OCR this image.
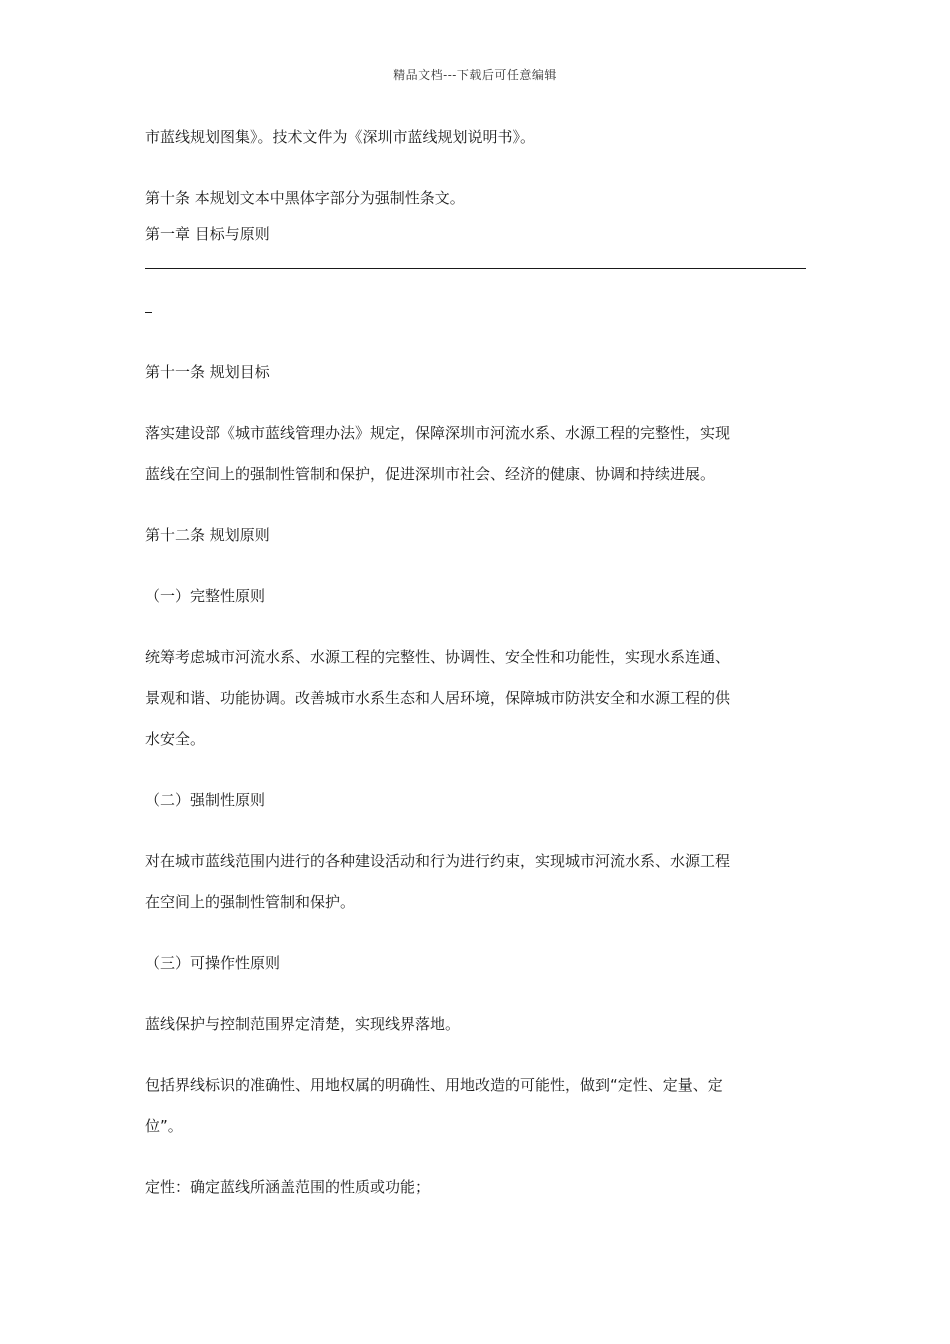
精品文档---下载后可任意编辑
市蓝线规划图集》。技术文件为《深圳市蓝线规划说明书》。
第十条 本规划文本中黑体字部分为强制性条文。
第一章 目标与原则
第十一条 规划目标
落实建设部《城市蓝线管理办法》规定，保障深圳市河流水系、水源工程的完整性，实现
蓝线在空间上的强制性管制和保护，促进深圳市社会、经济的健康、协调和持续进展。
第十二条 规划原则
（一）完整性原则
统筹考虑城市河流水系、水源工程的完整性、协调性、安全性和功能性，实现水系连通、
景观和谐、功能协调。改善城市水系生态和人居环境，保障城市防洪安全和水源工程的供
水安全。
（二）强制性原则
对在城市蓝线范围内进行的各种建设活动和行为进行约束，实现城市河流水系、水源工程
在空间上的强制性管制和保护。
（三）可操作性原则
蓝线保护与控制范围界定清楚，实现线界落地。
包括界线标识的准确性、用地权属的明确性、用地改造的可能性，做到“定性、定量、定
位”。
定性：确定蓝线所涵盖范围的性质或功能；
